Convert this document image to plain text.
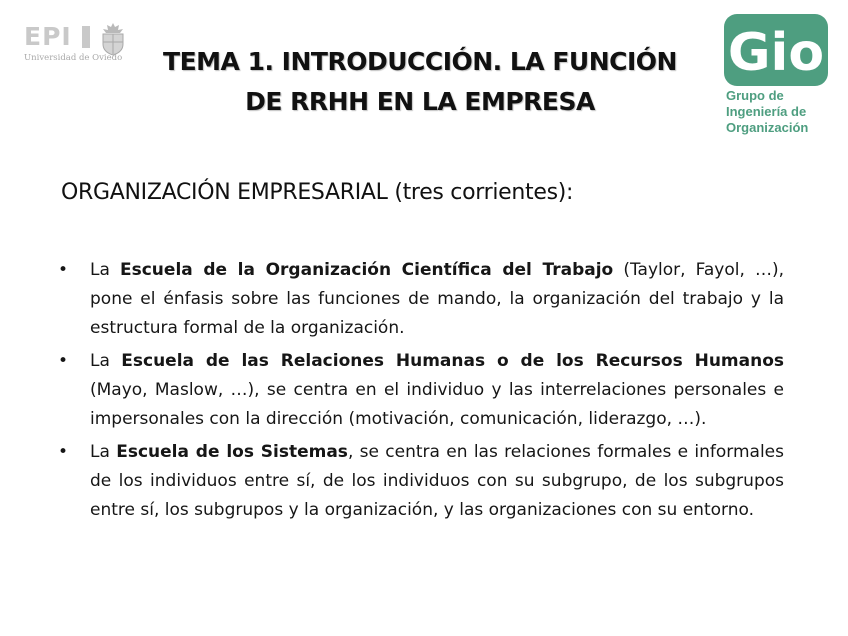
EPI
Universidad de Oviedo	TEMA 1. INTRODUCCIÓN. LA FUNCIÓN
DE RRHH EN LA EMPRESA
Gio
Grupo de
Ingeniería de
Organización
ORGANIZACIÓN EMPRESARIAL (tres corrientes):
• La Escuela de la Organización Científica del Trabajo (Taylor, Fayol, …), pone el énfasis sobre las funciones de mando, la organización del trabajo y la estructura formal de la organización.
• La Escuela de las Relaciones Humanas o de los Recursos Humanos (Mayo, Maslow, …), se centra en el individuo y las interrelaciones personales e impersonales con la dirección (motivación, comunicación, liderazgo, …).
• La Escuela de los Sistemas, se centra en las relaciones formales e informales de los individuos entre sí, de los individuos con su subgrupo, de los subgrupos entre sí, los subgrupos y la organización, y las organizaciones con su entorno.
